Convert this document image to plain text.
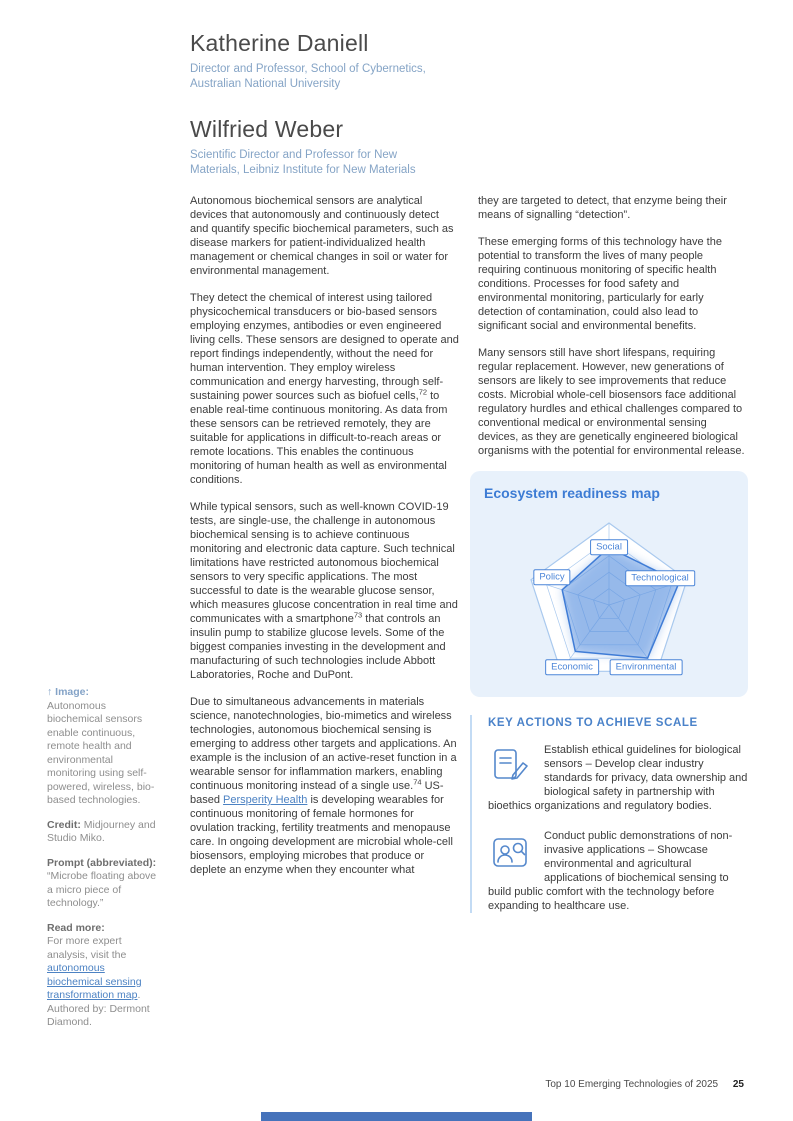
Katherine Daniell
Director and Professor, School of Cybernetics, Australian National University
Wilfried Weber
Scientific Director and Professor for New Materials, Leibniz Institute for New Materials
↑ Image:
Autonomous biochemical sensors enable continuous, remote health and environmental monitoring using self-powered, wireless, bio-based technologies.
Credit: Midjourney and Studio Miko.
Prompt (abbreviated): “Microbe floating above a micro piece of technology.”
Read more:
For more expert analysis, visit the autonomous biochemical sensing transformation map. Authored by: Dermont Diamond.

Autonomous biochemical sensors are analytical devices that autonomously and continuously detect and quantify specific biochemical parameters, such as disease markers for patient-individualized health management or chemical changes in soil or water for environmental management.

They detect the chemical of interest using tailored physicochemical transducers or bio-based sensors employing enzymes, antibodies or even engineered living cells. These sensors are designed to operate and report findings independently, without the need for human intervention. They employ wireless communication and energy harvesting, through self-sustaining power sources such as biofuel cells,$^{72}$ to enable real-time continuous monitoring. As data from these sensors can be retrieved remotely, they are suitable for applications in difficult-to-reach areas or remote locations. This enables the continuous monitoring of human health as well as environmental conditions.

While typical sensors, such as well-known COVID-19 tests, are single-use, the challenge in autonomous biochemical sensing is to achieve continuous monitoring and electronic data capture. Such technical limitations have restricted autonomous biochemical sensors to very specific applications. The most successful to date is the wearable glucose sensor, which measures glucose concentration in real time and communicates with a smartphone$^{73}$ that controls an insulin pump to stabilize glucose levels. Some of the biggest companies investing in the development and manufacturing of such technologies include Abbott Laboratories, Roche and DuPont.

Due to simultaneous advancements in materials science, nanotechnologies, bio-mimetics and wireless technologies, autonomous biochemical sensing is emerging to address other targets and applications. An example is the inclusion of an active-reset function in a wearable sensor for inflammation markers, enabling continuous monitoring instead of a single use.$^{74}$ US-based Persperity Health is developing wearables for continuous monitoring of female hormones for ovulation tracking, fertility treatments and menopause care. In ongoing development are microbial whole-cell biosensors, employing microbes that produce or deplete an enzyme when they encounter what

they are targeted to detect, that enzyme being their means of signalling “detection”.

These emerging forms of this technology have the potential to transform the lives of many people requiring continuous monitoring of specific health conditions. Processes for food safety and environmental monitoring, particularly for early detection of contamination, could also lead to significant social and environmental benefits.

Many sensors still have short lifespans, requiring regular replacement. However, new generations of sensors are likely to see improvements that reduce costs. Microbial whole-cell biosensors face additional regulatory hurdles and ethical challenges compared to conventional medical or environmental sensing devices, as they are genetically engineered biological organisms with the potential for environmental release.

Ecosystem readiness map
Social
Technological
Environmental
Economic
Policy
KEY ACTIONS TO ACHIEVE SCALE

Establish ethical guidelines for biological sensors – Develop clear industry standards for privacy, data ownership and biological safety in partnership with bioethics organizations and regulatory bodies.

Conduct public demonstrations of non-invasive applications – Showcase environmental and agricultural applications of biochemical sensing to build public comfort with the technology before expanding to healthcare use.

Top 10 Emerging Technologies of 2025 25
